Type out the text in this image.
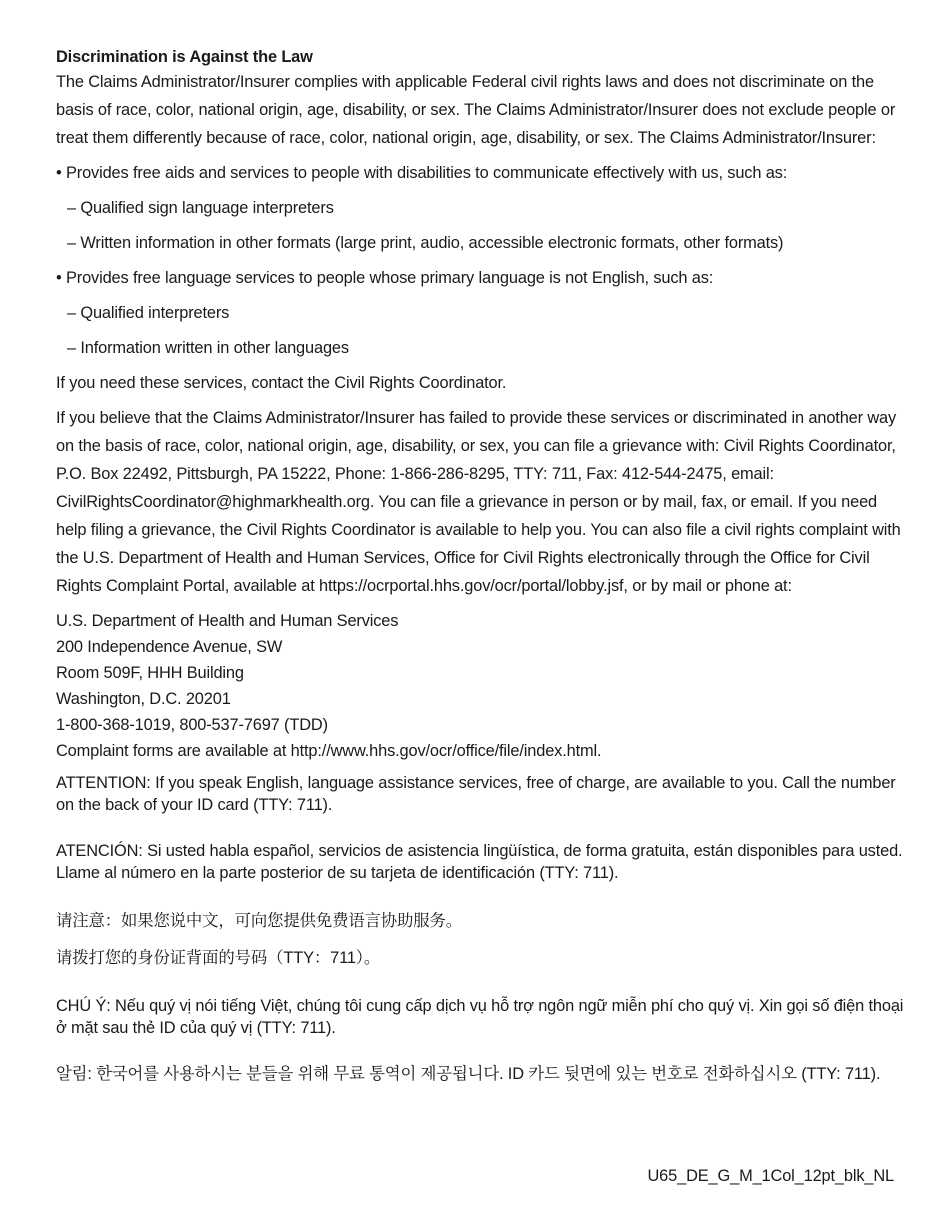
Discrimination is Against the Law

The Claims Administrator/Insurer complies with applicable Federal civil rights laws and does not discriminate on the basis of race, color, national origin, age, disability, or sex. The Claims Administrator/Insurer does not exclude people or treat them differently because of race, color, national origin, age, disability, or sex. The Claims Administrator/Insurer:

• Provides free aids and services to people with disabilities to communicate effectively with us, such as:

– Qualified sign language interpreters

– Written information in other formats (large print, audio, accessible electronic formats, other formats)

• Provides free language services to people whose primary language is not English, such as:

– Qualified interpreters

– Information written in other languages

If you need these services, contact the Civil Rights Coordinator.

If you believe that the Claims Administrator/Insurer has failed to provide these services or discriminated in another way on the basis of race, color, national origin, age, disability, or sex, you can file a grievance with: Civil Rights Coordinator, P.O. Box 22492, Pittsburgh, PA 15222, Phone: 1-866-286-8295, TTY: 711, Fax: 412-544-2475, email: CivilRightsCoordinator@highmarkhealth.org. You can file a grievance in person or by mail, fax, or email. If you need help filing a grievance, the Civil Rights Coordinator is available to help you. You can also file a civil rights complaint with the U.S. Department of Health and Human Services, Office for Civil Rights electronically through the Office for Civil Rights Complaint Portal, available at https://ocrportal.hhs.gov/ocr/portal/lobby.jsf, or by mail or phone at:

U.S. Department of Health and Human Services
200 Independence Avenue, SW
Room 509F, HHH Building
Washington, D.C. 20201
1-800-368-1019, 800-537-7697 (TDD)
Complaint forms are available at http://www.hhs.gov/ocr/office/file/index.html.

ATTENTION: If you speak English, language assistance services, free of charge, are available to you. Call the number on the back of your ID card (TTY: 711).

ATENCIÓN: Si usted habla español, servicios de asistencia lingüística, de forma gratuita, están disponibles para usted. Llame al número en la parte posterior de su tarjeta de identificación (TTY: 711).

请注意：如果您说中文，可向您提供免费语言协助服务。

请拨打您的身份证背面的号码（TTY：711）。

CHÚ Ý: Nếu quý vị nói tiếng Việt, chúng tôi cung cấp dịch vụ hỗ trợ ngôn ngữ miễn phí cho quý vị. Xin gọi số điện thoại ở mặt sau thẻ ID của quý vị (TTY: 711).

알림: 한국어를 사용하시는 분들을 위해 무료 통역이 제공됩니다. ID 카드 뒷면에 있는 번호로 전화하십시오 (TTY: 711).

U65_DE_G_M_1Col_12pt_blk_NL
